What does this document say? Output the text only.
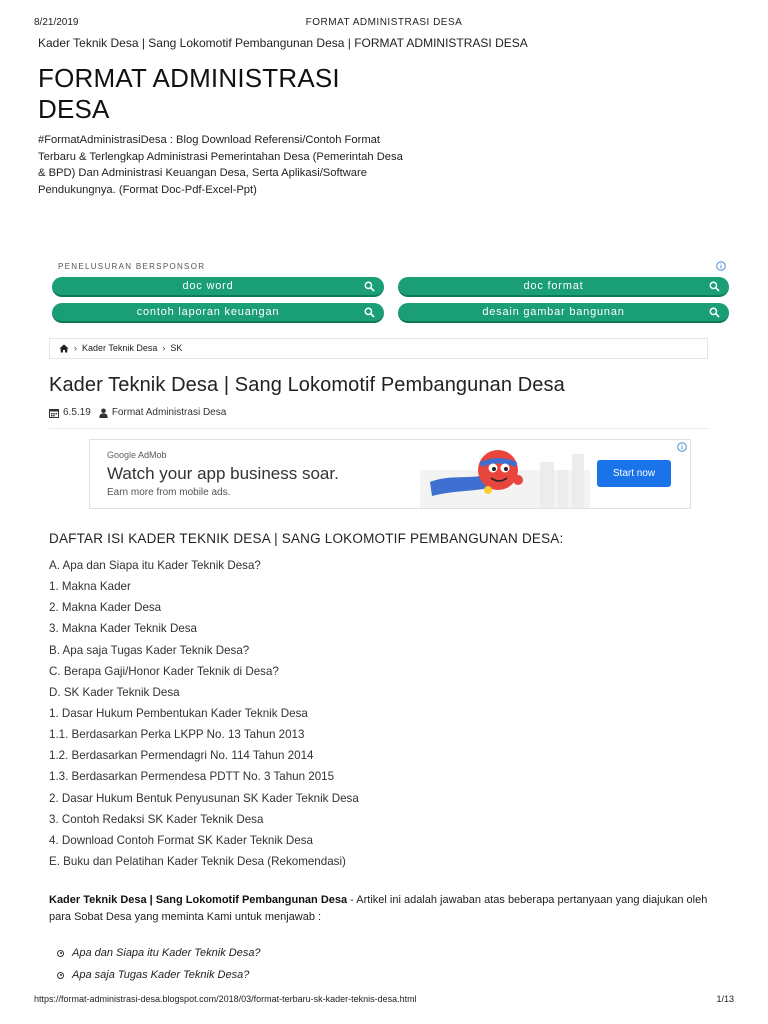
8/21/2019	FORMAT ADMINISTRASI DESA
Kader Teknik Desa | Sang Lokomotif Pembangunan Desa | FORMAT ADMINISTRASI DESA
FORMAT ADMINISTRASI
DESA
#FormatAdministrasiDesa : Blog Download Referensi/Contoh Format Terbaru & Terlengkap Administrasi Pemerintahan Desa (Pemerintah Desa & BPD) Dan Administrasi Keuangan Desa, Serta Aplikasi/Software Pendukungnya. (Format Doc-Pdf-Excel-Ppt)
PENELUSURAN BERSPONSOR
doc word	doc format
contoh laporan keuangan	desain gambar bangunan
› Kader Teknik Desa › SK
Kader Teknik Desa | Sang Lokomotif Pembangunan Desa
6.5.19 Format Administrasi Desa
Google AdMob
Watch your app business soar.
Earn more from mobile ads.
Start now
DAFTAR ISI KADER TEKNIK DESA | SANG LOKOMOTIF PEMBANGUNAN DESA:
A. Apa dan Siapa itu Kader Teknik Desa?
1. Makna Kader
2. Makna Kader Desa
3. Makna Kader Teknik Desa
B. Apa saja Tugas Kader Teknik Desa?
C. Berapa Gaji/Honor Kader Teknik di Desa?
D. SK Kader Teknik Desa
1. Dasar Hukum Pembentukan Kader Teknik Desa
1.1. Berdasarkan Perka LKPP No. 13 Tahun 2013
1.2. Berdasarkan Permendagri No. 114 Tahun 2014
1.3. Berdasarkan Permendesa PDTT No. 3 Tahun 2015
2. Dasar Hukum Bentuk Penyusunan SK Kader Teknik Desa
3. Contoh Redaksi SK Kader Teknik Desa
4. Download Contoh Format SK Kader Teknik Desa
E. Buku dan Pelatihan Kader Teknik Desa (Rekomendasi)
Kader Teknik Desa | Sang Lokomotif Pembangunan Desa - Artikel ini adalah jawaban atas beberapa pertanyaan yang diajukan oleh para Sobat Desa yang meminta Kami untuk menjawab :
Apa dan Siapa itu Kader Teknik Desa?
Apa saja Tugas Kader Teknik Desa?
https://format-administrasi-desa.blogspot.com/2018/03/format-terbaru-sk-kader-teknis-desa.html	1/13
